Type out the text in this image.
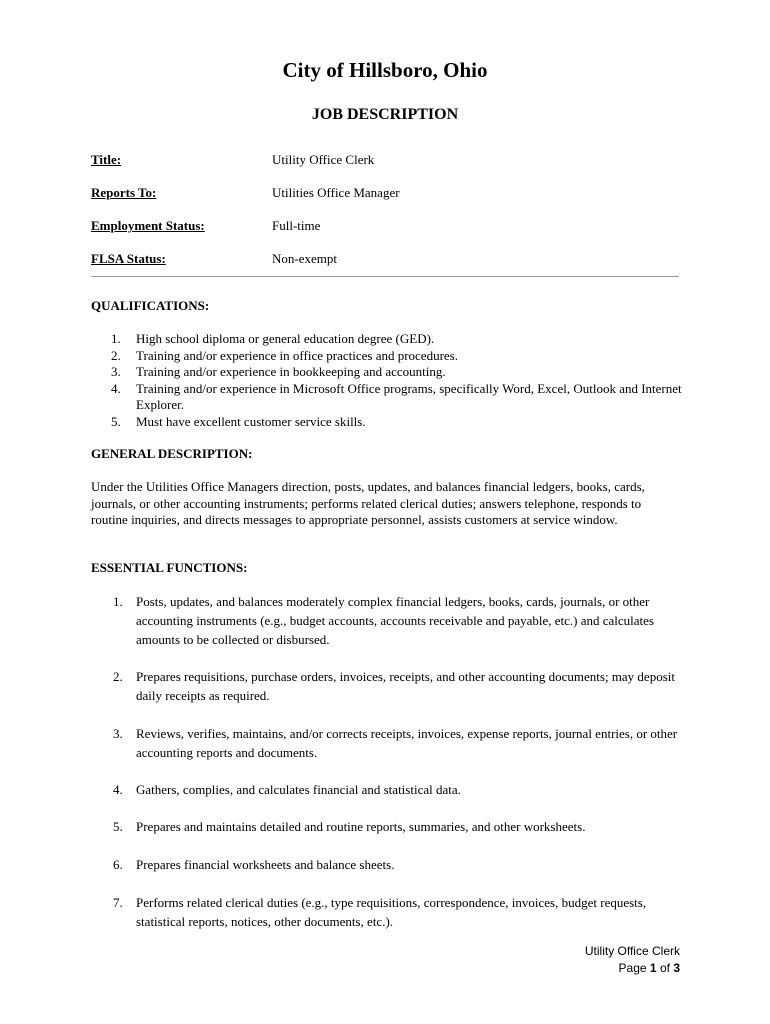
City of Hillsboro, Ohio
JOB DESCRIPTION
Title:	Utility Office Clerk
Reports To:	Utilities Office Manager
Employment Status:	Full-time
FLSA Status:	Non-exempt
QUALIFICATIONS:
1. High school diploma or general education degree (GED).
2. Training and/or experience in office practices and procedures.
3. Training and/or experience in bookkeeping and accounting.
4. Training and/or experience in Microsoft Office programs, specifically Word, Excel, Outlook and Internet Explorer.
5. Must have excellent customer service skills.
GENERAL DESCRIPTION:
Under the Utilities Office Managers direction, posts, updates, and balances financial ledgers, books, cards, journals, or other accounting instruments; performs related clerical duties; answers telephone, responds to routine inquiries, and directs messages to appropriate personnel, assists customers at service window.
ESSENTIAL FUNCTIONS:
1. Posts, updates, and balances moderately complex financial ledgers, books, cards, journals, or other accounting instruments (e.g., budget accounts, accounts receivable and payable, etc.) and calculates amounts to be collected or disbursed.
2. Prepares requisitions, purchase orders, invoices, receipts, and other accounting documents; may deposit daily receipts as required.
3. Reviews, verifies, maintains, and/or corrects receipts, invoices, expense reports, journal entries, or other accounting reports and documents.
4. Gathers, complies, and calculates financial and statistical data.
5. Prepares and maintains detailed and routine reports, summaries, and other worksheets.
6. Prepares financial worksheets and balance sheets.
7. Performs related clerical duties (e.g., type requisitions, correspondence, invoices, budget requests, statistical reports, notices, other documents, etc.).
Utility Office Clerk
Page 1 of 3
